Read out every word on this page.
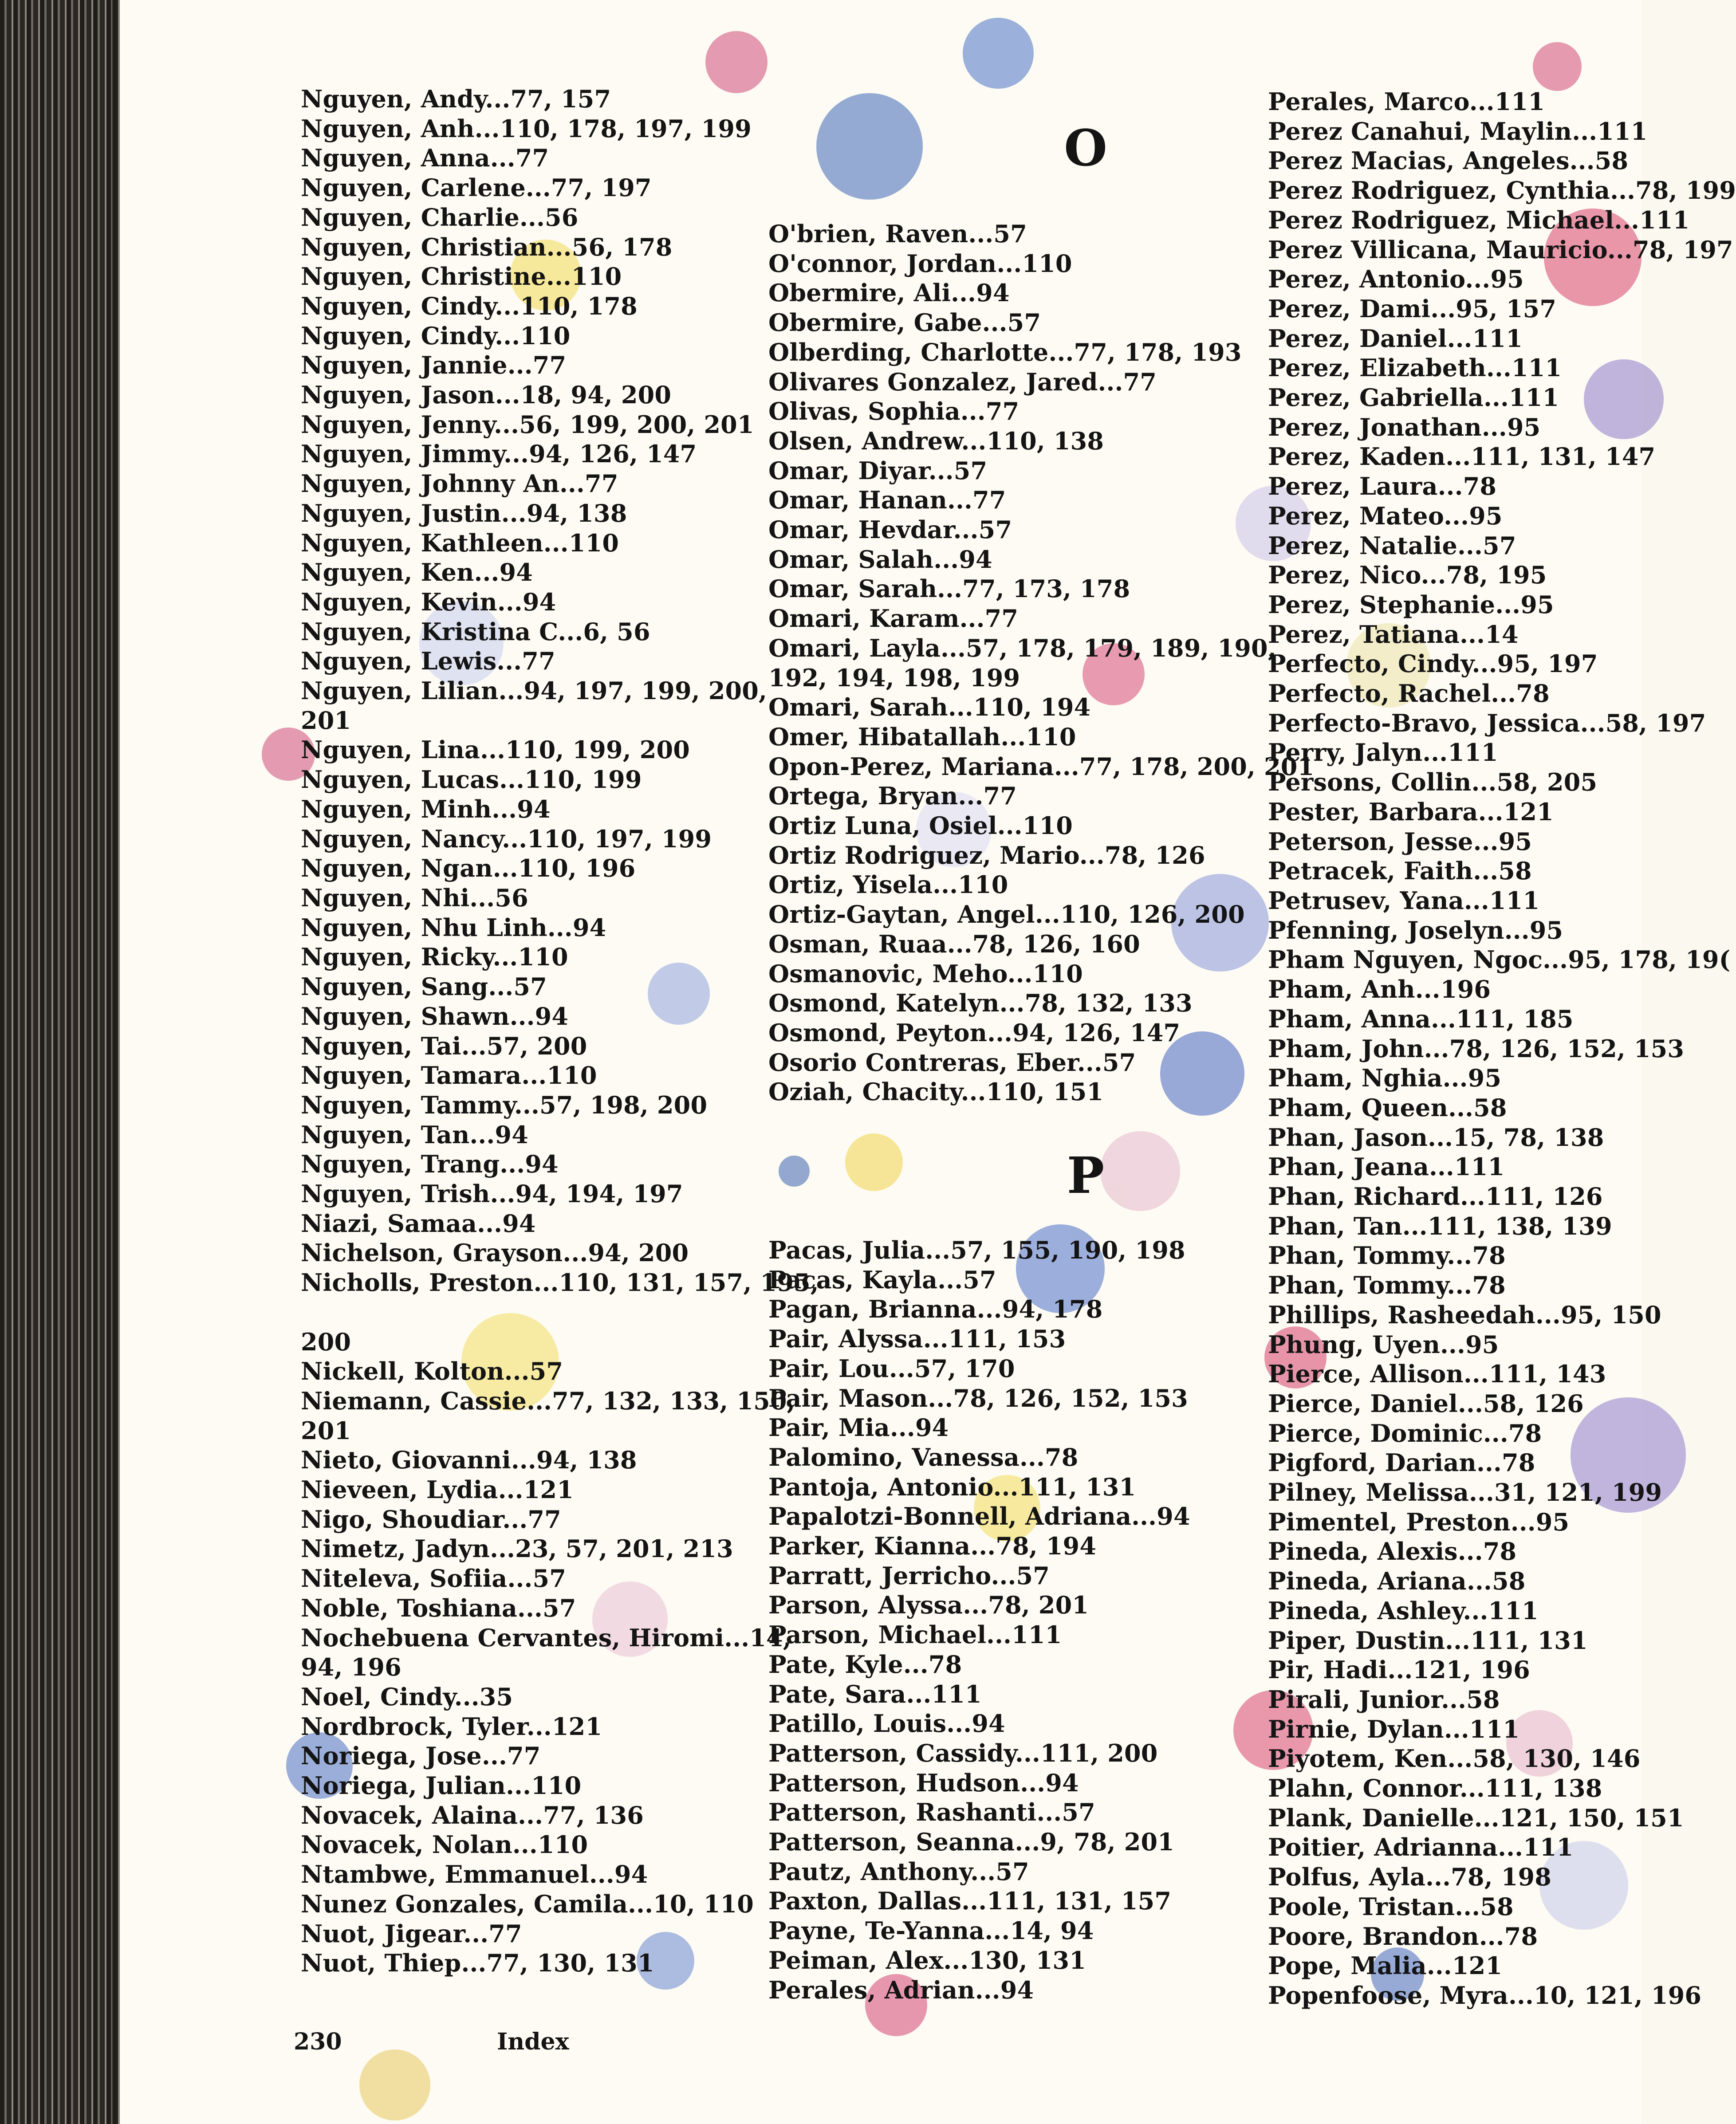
Nguyen, Andy...77, 157
Nguyen, Anh...110, 178, 197, 199
Nguyen, Anna...77
Nguyen, Carlene...77, 197
Nguyen, Charlie...56
Nguyen, Christian...56, 178
Nguyen, Christine...110
Nguyen, Cindy...110, 178
Nguyen, Cindy...110
Nguyen, Jannie...77
Nguyen, Jason...18, 94, 200
Nguyen, Jenny...56, 199, 200, 201
Nguyen, Jimmy...94, 126, 147
Nguyen, Johnny An...77
Nguyen, Justin...94, 138
Nguyen, Kathleen...110
Nguyen, Ken...94
Nguyen, Kevin...94
Nguyen, Kristina C...6, 56
Nguyen, Lewis...77
Nguyen, Lilian...94, 197, 199, 200,
201
Nguyen, Lina...110, 199, 200
Nguyen, Lucas...110, 199
Nguyen, Minh...94
Nguyen, Nancy...110, 197, 199
Nguyen, Ngan...110, 196
Nguyen, Nhi...56
Nguyen, Nhu Linh...94
Nguyen, Ricky...110
Nguyen, Sang...57
Nguyen, Shawn...94
Nguyen, Tai...57, 200
Nguyen, Tamara...110
Nguyen, Tammy...57, 198, 200
Nguyen, Tan...94
Nguyen, Trang...94
Nguyen, Trish...94, 194, 197
Niazi, Samaa...94
Nichelson, Grayson...94, 200
Nicholls, Preston...110, 131, 157, 195,

200
Nickell, Kolton...57
Niemann, Cassie...77, 132, 133, 150,
201
Nieto, Giovanni...94, 138
Nieveen, Lydia...121
Nigo, Shoudiar...77
Nimetz, Jadyn...23, 57, 201, 213
Niteleva, Sofiia...57
Noble, Toshiana...57
Nochebuena Cervantes, Hiromi...14,
94, 196
Noel, Cindy...35
Nordbrock, Tyler...121
Noriega, Jose...77
Noriega, Julian...110
Novacek, Alaina...77, 136
Novacek, Nolan...110
Ntambwe, Emmanuel...94
Nunez Gonzales, Camila...10, 110
Nuot, Jigear...77
Nuot, Thiep...77, 130, 131
O
O'brien, Raven...57
O'connor, Jordan...110
Obermire, Ali...94
Obermire, Gabe...57
Olberding, Charlotte...77, 178, 193
Olivares Gonzalez, Jared...77
Olivas, Sophia...77
Olsen, Andrew...110, 138
Omar, Diyar...57
Omar, Hanan...77
Omar, Hevdar...57
Omar, Salah...94
Omar, Sarah...77, 173, 178
Omari, Karam...77
Omari, Layla...57, 178, 179, 189, 190,
192, 194, 198, 199
Omari, Sarah...110, 194
Omer, Hibatallah...110
Opon-Perez, Mariana...77, 178, 200, 201
Ortega, Bryan...77
Ortiz Luna, Osiel...110
Ortiz Rodriguez, Mario...78, 126
Ortiz, Yisela...110
Ortiz-Gaytan, Angel...110, 126, 200
Osman, Ruaa...78, 126, 160
Osmanovic, Meho...110
Osmond, Katelyn...78, 132, 133
Osmond, Peyton...94, 126, 147
Osorio Contreras, Eber...57
Oziah, Chacity...110, 151
P
Pacas, Julia...57, 155, 190, 198
Pacas, Kayla...57
Pagan, Brianna...94, 178
Pair, Alyssa...111, 153
Pair, Lou...57, 170
Pair, Mason...78, 126, 152, 153
Pair, Mia...94
Palomino, Vanessa...78
Pantoja, Antonio...111, 131
Papalotzi-Bonnell, Adriana...94
Parker, Kianna...78, 194
Parratt, Jerricho...57
Parson, Alyssa...78, 201
Parson, Michael...111
Pate, Kyle...78
Pate, Sara...111
Patillo, Louis...94
Patterson, Cassidy...111, 200
Patterson, Hudson...94
Patterson, Rashanti...57
Patterson, Seanna...9, 78, 201
Pautz, Anthony...57
Paxton, Dallas...111, 131, 157
Payne, Te-Yanna...14, 94
Peiman, Alex...130, 131
Perales, Adrian...94
Perales, Marco...111
Perez Canahui, Maylin...111
Perez Macias, Angeles...58
Perez Rodriguez, Cynthia...78, 199
Perez Rodriguez, Michael...111
Perez Villicana, Mauricio...78, 197
Perez, Antonio...95
Perez, Dami...95, 157
Perez, Daniel...111
Perez, Elizabeth...111
Perez, Gabriella...111
Perez, Jonathan...95
Perez, Kaden...111, 131, 147
Perez, Laura...78
Perez, Mateo...95
Perez, Natalie...57
Perez, Nico...78, 195
Perez, Stephanie...95
Perez, Tatiana...14
Perfecto, Cindy...95, 197
Perfecto, Rachel...78
Perfecto-Bravo, Jessica...58, 197
Perry, Jalyn...111
Persons, Collin...58, 205
Pester, Barbara...121
Peterson, Jesse...95
Petracek, Faith...58
Petrusev, Yana...111
Pfenning, Joselyn...95
Pham Nguyen, Ngoc...95, 178, 19(
Pham, Anh...196
Pham, Anna...111, 185
Pham, John...78, 126, 152, 153
Pham, Nghia...95
Pham, Queen...58
Phan, Jason...15, 78, 138
Phan, Jeana...111
Phan, Richard...111, 126
Phan, Tan...111, 138, 139
Phan, Tommy...78
Phan, Tommy...78
Phillips, Rasheedah...95, 150
Phung, Uyen...95
Pierce, Allison...111, 143
Pierce, Daniel...58, 126
Pierce, Dominic...78
Pigford, Darian...78
Pilney, Melissa...31, 121, 199
Pimentel, Preston...95
Pineda, Alexis...78
Pineda, Ariana...58
Pineda, Ashley...111
Piper, Dustin...111, 131
Pir, Hadi...121, 196
Pirali, Junior...58
Pirnie, Dylan...111
Piyotem, Ken...58, 130, 146
Plahn, Connor...111, 138
Plank, Danielle...121, 150, 151
Poitier, Adrianna...111
Polfus, Ayla...78, 198
Poole, Tristan...58
Poore, Brandon...78
Pope, Malia...121
Popenfoose, Myra...10, 121, 196
230	Index
